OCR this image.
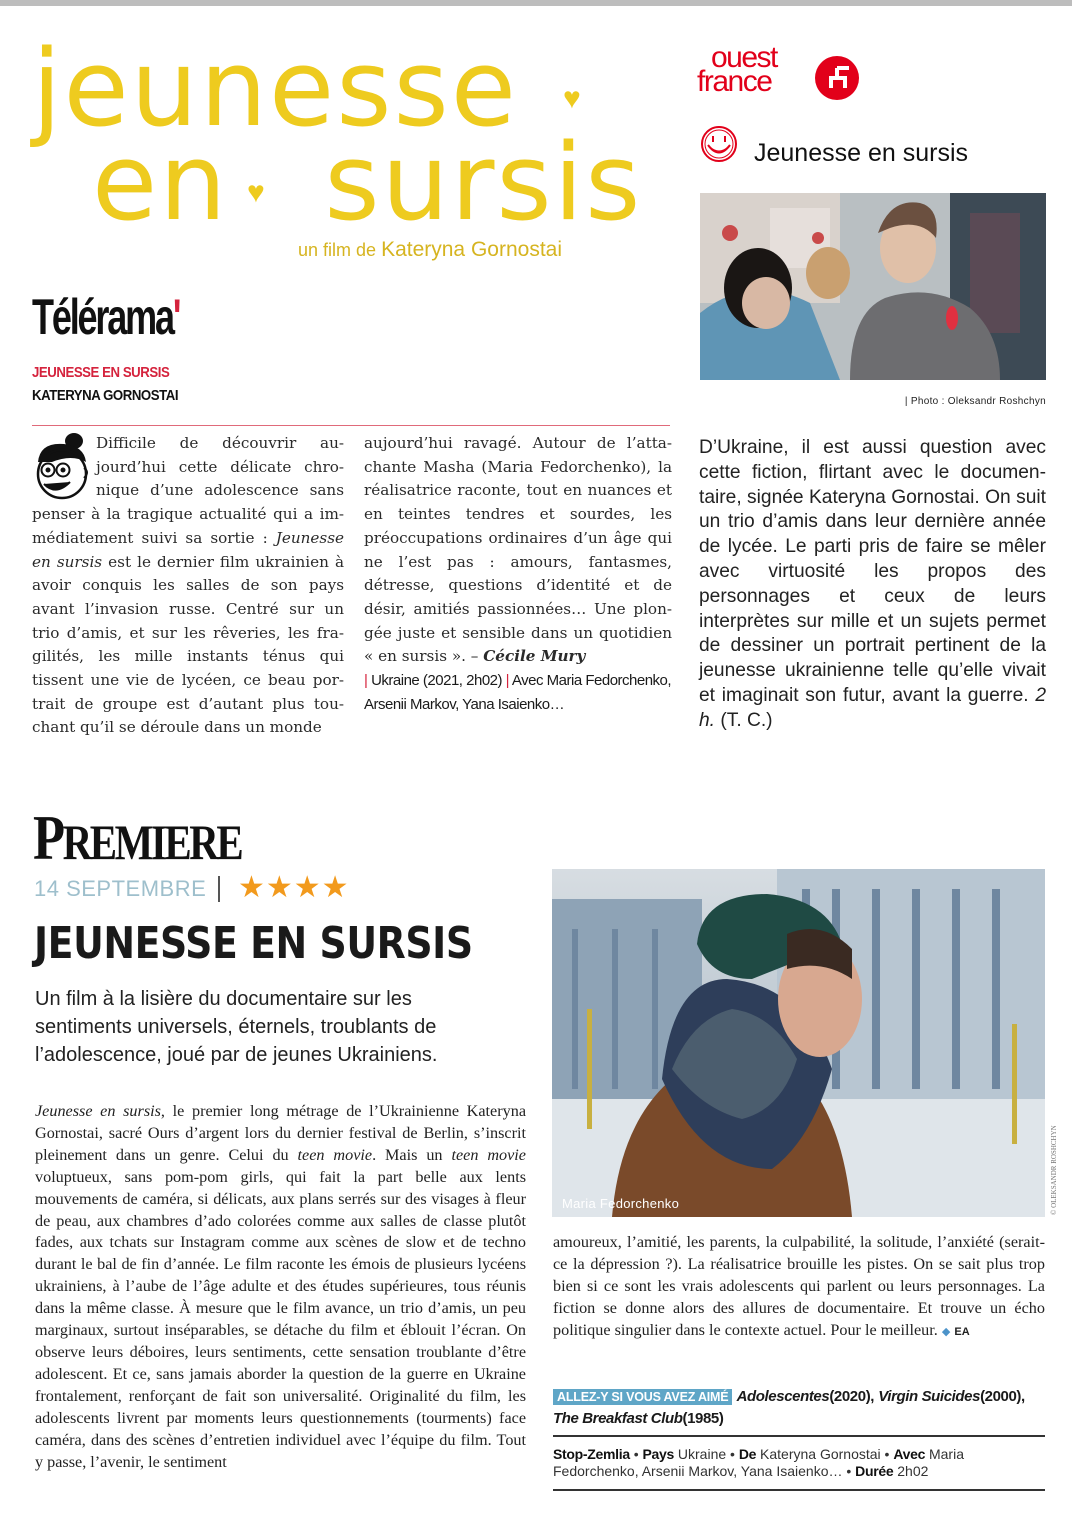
jeunesse ♥
en sursis
♥
un film de Kateryna Gornostai
Télérama'
JEUNESSE EN SURSIS
KATERYNA GORNOSTAI
Difficile de découvrir aujourd’hui cette délicate chronique d’une adolescence sans penser à la tragique actualité qui a immédiatement suivi sa sortie : Jeunesse en sursis est le dernier film ukrainien à avoir conquis les salles de son pays avant l’invasion russe. Centré sur un trio d’amis, et sur les rêveries, les fragilités, les mille instants ténus qui tissent une vie de lycéen, ce beau portrait de groupe est d’autant plus touchant qu’il se déroule dans un monde
aujourd’hui ravagé. Autour de l’attachante Masha (Maria Fedorchenko), la réalisatrice raconte, tout en nuances et en teintes tendres et sourdes, les préoccupations ordinaires d’un âge qui ne l’est pas : amours, fantasmes, détresse, questions d’identité et de désir, amitiés passionnées… Une plongée juste et sensible dans un quotidien « en sursis ». – Cécile Mury
| Ukraine (2021, 2h02) | Avec Maria Fedorchenko, Arsenii Markov, Yana Isaienko…
ouest
france
Jeunesse en sursis
| Photo : Oleksandr Roshchyn
D’Ukraine, il est aussi question avec cette fiction, flirtant avec le documentaire, signée Kateryna Gornostai. On suit un trio d’amis dans leur dernière année de lycée. Le parti pris de faire se mêler avec virtuosité les propos des personnages et ceux de leurs interprètes sur mille et un sujets permet de dessiner un portrait pertinent de la jeunesse ukrainienne telle qu’elle vivait et imaginait son futur, avant la guerre. 2 h. (T. C.)
PREMIERE
14 SEPTEMBRE ★★★★
JEUNESSE EN SURSIS
Un film à la lisière du documentaire sur les sentiments universels, éternels, troublants de l’adolescence, joué par de jeunes Ukrainiens.
Jeunesse en sursis, le premier long métrage de l’Ukrainienne Kateryna Gornostai, sacré Ours d’argent lors du dernier festival de Berlin, s’inscrit pleinement dans un genre. Celui du teen movie. Mais un teen movie voluptueux, sans pom-pom girls, qui fait la part belle aux lents mouvements de caméra, si délicats, aux plans serrés sur des visages à fleur de peau, aux chambres d’ado colorées comme aux salles de classe plutôt fades, aux tchats sur Instagram comme aux scènes de slow et de techno durant le bal de fin d’année. Le film raconte les émois de plusieurs lycéens ukrainiens, à l’aube de l’âge adulte et des études supérieures, tous réunis dans la même classe. À mesure que le film avance, un trio d’amis, un peu marginaux, surtout inséparables, se détache du film et éblouit l’écran. On observe leurs déboires, leurs sentiments, cette sensation troublante d’être adolescent. Et ce, sans jamais aborder la question de la guerre en Ukraine frontalement, renforçant de fait son universalité. Originalité du film, les adolescents livrent par moments leurs questionnements (tourments) face caméra, dans des scènes d’entretien individuel avec l’équipe du film. Tout y passe, l’avenir, le sentiment
Maria Fedorchenko	© OLEKSANDR ROSHCHYN
amoureux, l’amitié, les parents, la culpabilité, la solitude, l’anxiété (serait-ce la dépression ?). La réalisatrice brouille les pistes. On se sait plus trop bien si ce sont les vrais adolescents qui parlent ou leurs personnages. La fiction se donne alors des allures de documentaire. Et trouve un écho politique singulier dans le contexte actuel. Pour le meilleur. ◆ EA
ALLEZ-Y SI VOUS AVEZ AIMÉ Adolescentes(2020), Virgin Suicides(2000), The Breakfast Club(1985)
Stop-Zemlia • Pays Ukraine • De Kateryna Gornostai • Avec Maria Fedorchenko, Arsenii Markov, Yana Isaienko… • Durée 2h02
